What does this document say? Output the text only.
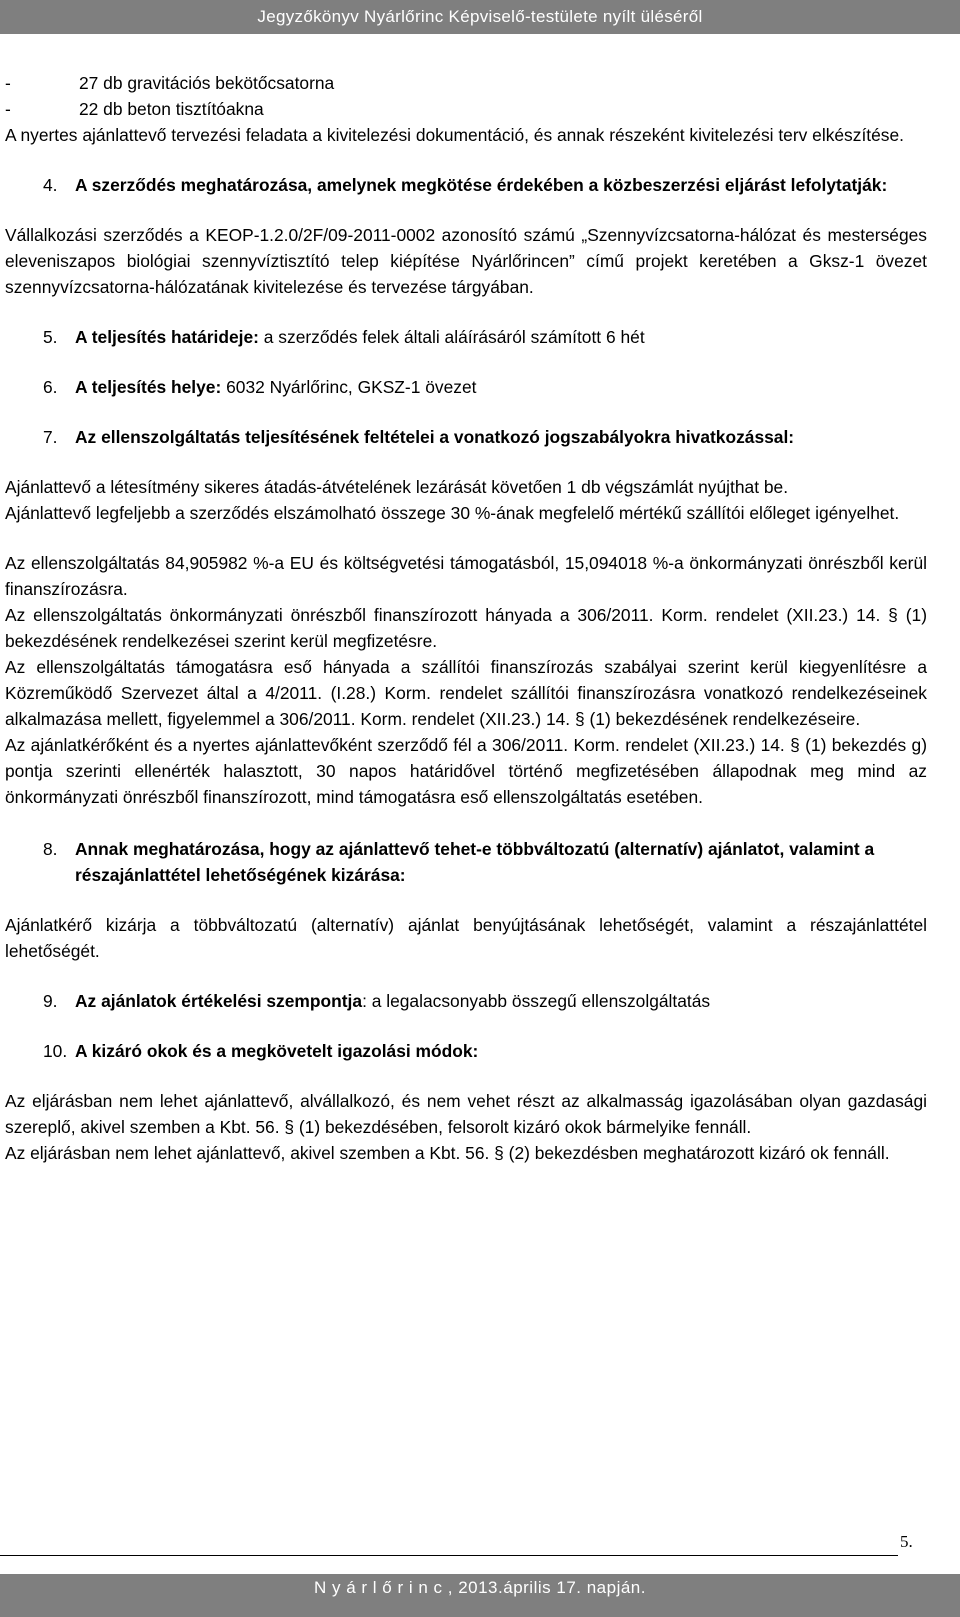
Jegyzőkönyv Nyárlőrinc Képviselő-testülete nyílt üléséről
-	27 db gravitációs bekötőcsatorna
-	22 db beton tisztítóakna

A nyertes ajánlattevő tervezési feladata a kivitelezési dokumentáció, és annak részeként kivitelezési terv elkészítése.

4.	A szerződés meghatározása, amelynek megkötése érdekében a közbeszerzési eljárást lefolytatják:

Vállalkozási szerződés a KEOP-1.2.0/2F/09-2011-0002 azonosító számú „Szennyvízcsatorna-hálózat és mesterséges eleveniszapos biológiai szennyvíztisztító telep kiépítése Nyárlőrincen” című projekt keretében a Gksz-1 övezet szennyvízcsatorna-hálózatának kivitelezése és tervezése tárgyában.

5.	A teljesítés határideje: a szerződés felek általi aláírásáról számított 6 hét
6.	A teljesítés helye: 6032 Nyárlőrinc, GKSZ-1 övezet
7.	Az ellenszolgáltatás teljesítésének feltételei a vonatkozó jogszabályokra hivatkozással:

Ajánlattevő a létesítmény sikeres átadás-átvételének lezárását követően 1 db végszámlát nyújthat be.

Ajánlattevő legfeljebb a szerződés elszámolható összege 30 %-ának megfelelő mértékű szállítói előleget igényelhet.

Az ellenszolgáltatás 84,905982 %-a EU és költségvetési támogatásból, 15,094018 %-a önkormányzati önrészből kerül finanszírozásra.

Az ellenszolgáltatás önkormányzati önrészből finanszírozott hányada a 306/2011. Korm. rendelet (XII.23.) 14. § (1) bekezdésének rendelkezései szerint kerül megfizetésre.

Az ellenszolgáltatás támogatásra eső hányada a szállítói finanszírozás szabályai szerint kerül kiegyenlítésre a Közreműködő Szervezet által a 4/2011. (I.28.) Korm. rendelet szállítói finanszírozásra vonatkozó rendelkezéseinek alkalmazása mellett, figyelemmel a 306/2011. Korm. rendelet (XII.23.) 14. § (1) bekezdésének rendelkezéseire.

Az ajánlatkérőként és a nyertes ajánlattevőként szerződő fél a 306/2011. Korm. rendelet (XII.23.) 14. § (1) bekezdés g) pontja szerinti ellenérték halasztott, 30 napos határidővel történő megfizetésében állapodnak meg mind az önkormányzati önrészből finanszírozott, mind támogatásra eső ellenszolgáltatás esetében.

8.	Annak meghatározása, hogy az ajánlattevő tehet-e többváltozatú (alternatív) ajánlatot, valamint a részajánlattétel lehetőségének kizárása:

Ajánlatkérő kizárja a többváltozatú (alternatív) ajánlat benyújtásának lehetőségét, valamint a részajánlattétel lehetőségét.

9.	Az ajánlatok értékelési szempontja: a legalacsonyabb összegű ellenszolgáltatás
10. A kizáró okok és a megkövetelt igazolási módok:

Az eljárásban nem lehet ajánlattevő, alvállalkozó, és nem vehet részt az alkalmasság igazolásában olyan gazdasági szereplő, akivel szemben a Kbt. 56. § (1) bekezdésében, felsorolt kizáró okok bármelyike fennáll.

Az eljárásban nem lehet ajánlattevő, akivel szemben a Kbt. 56. § (2) bekezdésben meghatározott kizáró ok fennáll.

5.
N y á r l ő r i n c , 2013.április 17. napján.
